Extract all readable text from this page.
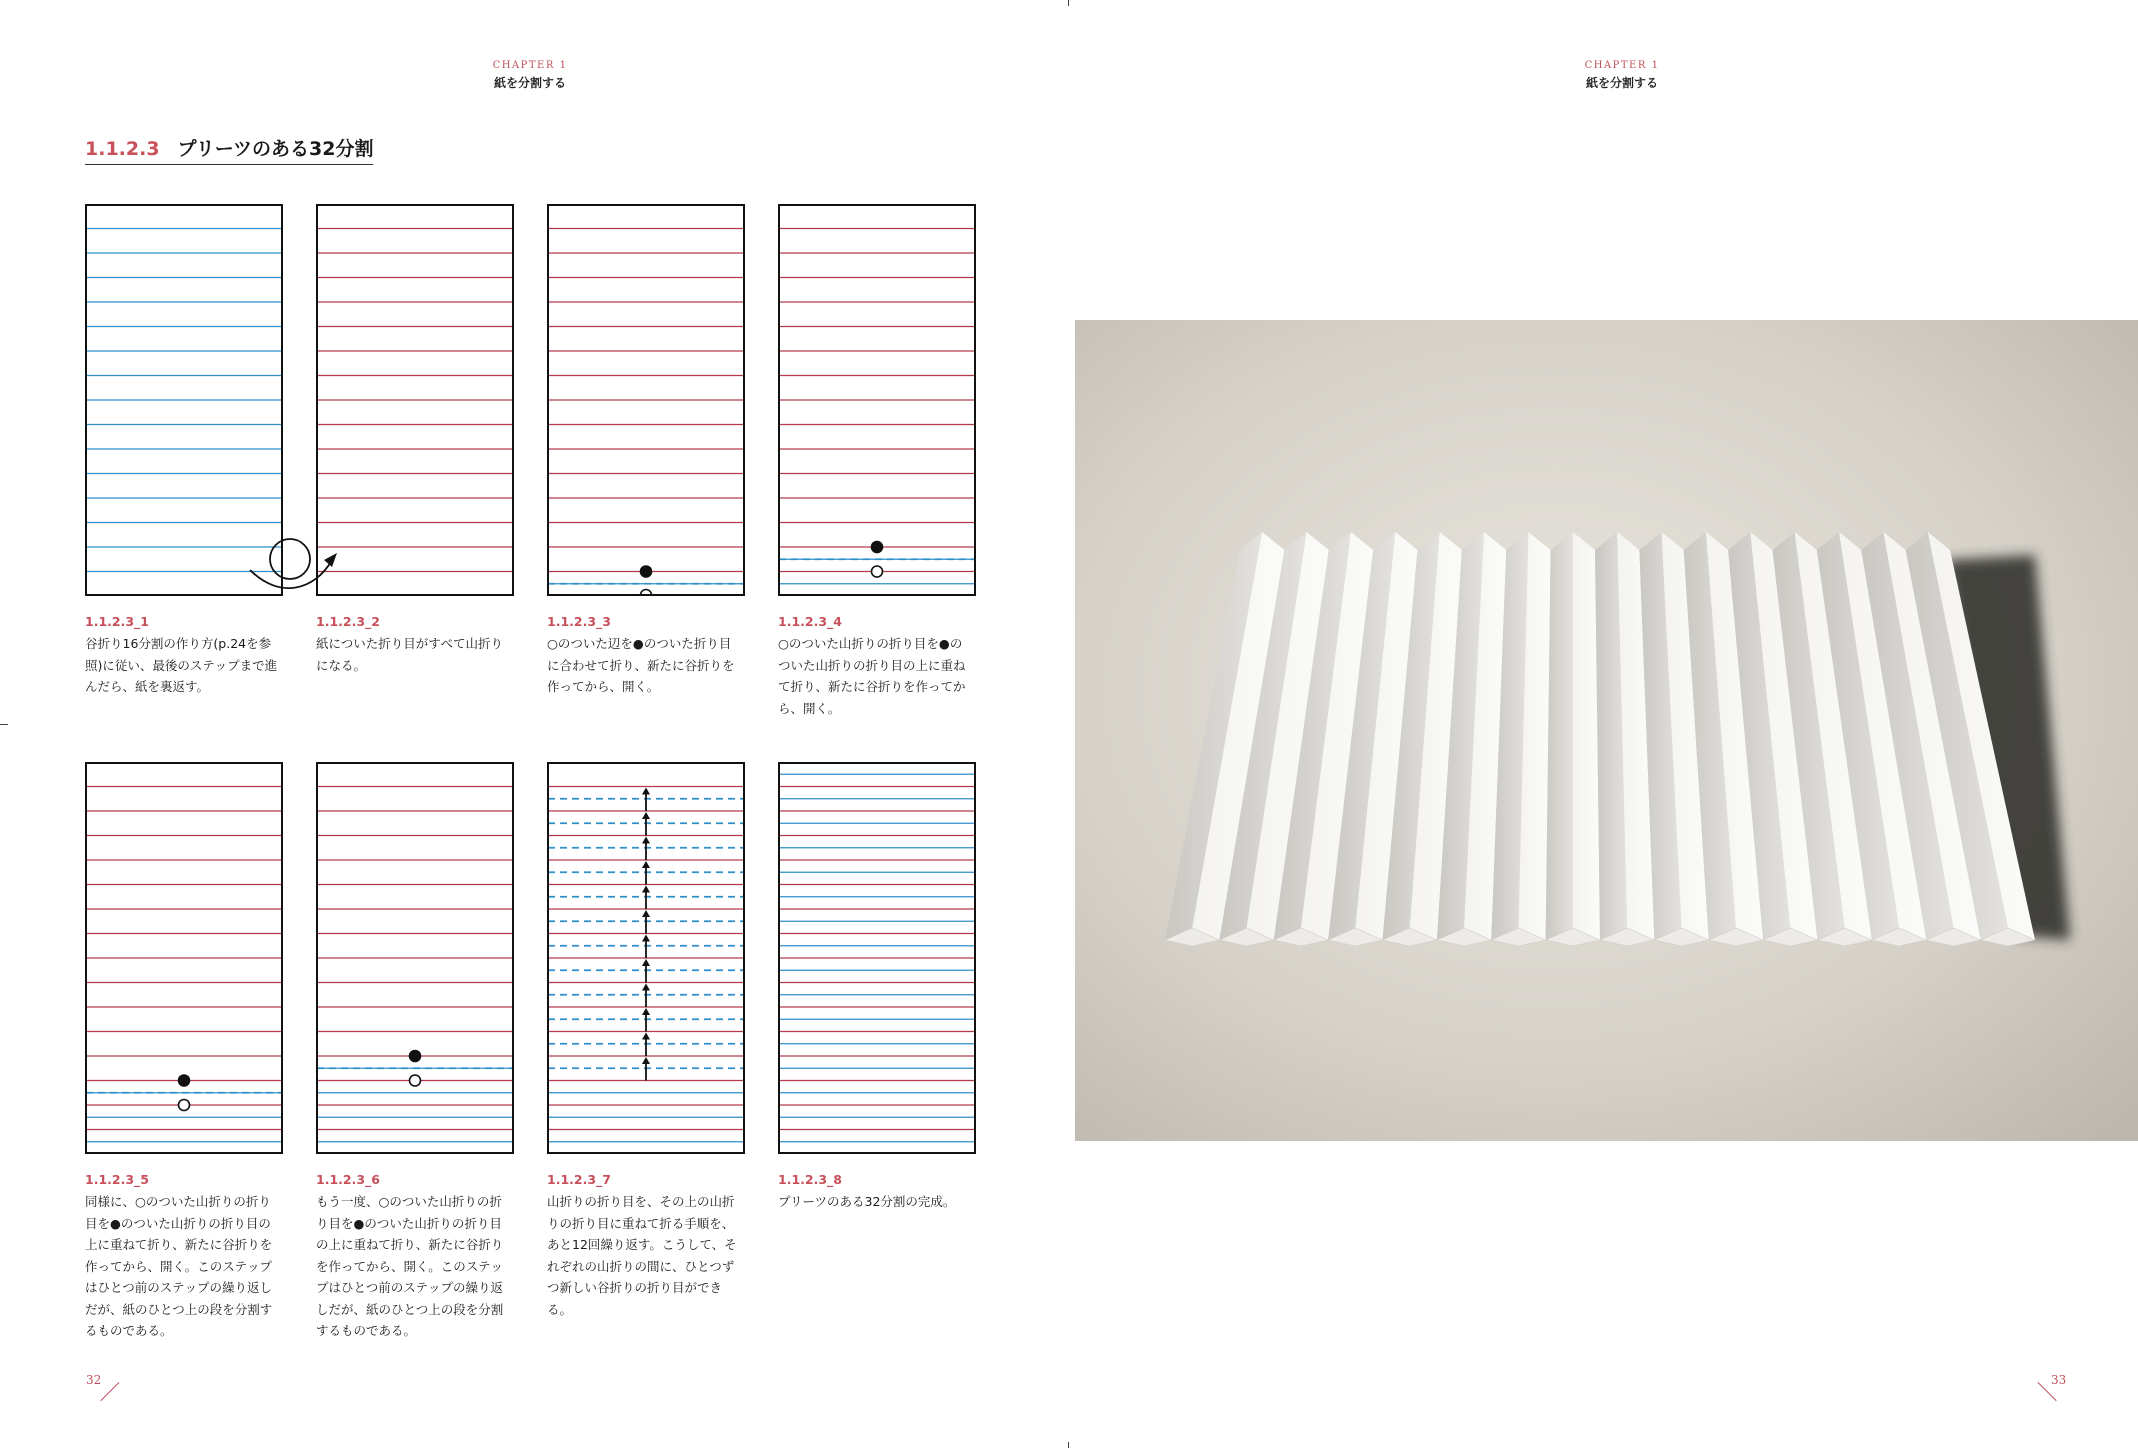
CHAPTER 1
紙を分割する
1.1.2.3 プリーツのある32分割
1.1.2.3_1
谷折り16分割の作り方(p.24を参照)に従い、最後のステップまで進んだら、紙を裏返す。
1.1.2.3_2
紙についた折り目がすべて山折りになる。
1.1.2.3_3
○のついた辺を●のついた折り目に合わせて折り、新たに谷折りを作ってから、開く。
1.1.2.3_4
○のついた山折りの折り目を●のついた山折りの折り目の上に重ねて折り、新たに谷折りを作ってから、開く。
1.1.2.3_5
同様に、○のついた山折りの折り目を●のついた山折りの折り目の上に重ねて折り、新たに谷折りを作ってから、開く。このステップはひとつ前のステップの繰り返しだが、紙のひとつ上の段を分割するものである。
1.1.2.3_6
もう一度、○のついた山折りの折り目を●のついた山折りの折り目の上に重ねて折り、新たに谷折りを作ってから、開く。このステップはひとつ前のステップの繰り返しだが、紙のひとつ上の段を分割するものである。
1.1.2.3_7
山折りの折り目を、その上の山折りの折り目に重ねて折る手順を、あと12回繰り返す。こうして、それぞれの山折りの間に、ひとつずつ新しい谷折りの折り目ができる。
1.1.2.3_8
プリーツのある32分割の完成。
32
CHAPTER 1
紙を分割する
33
